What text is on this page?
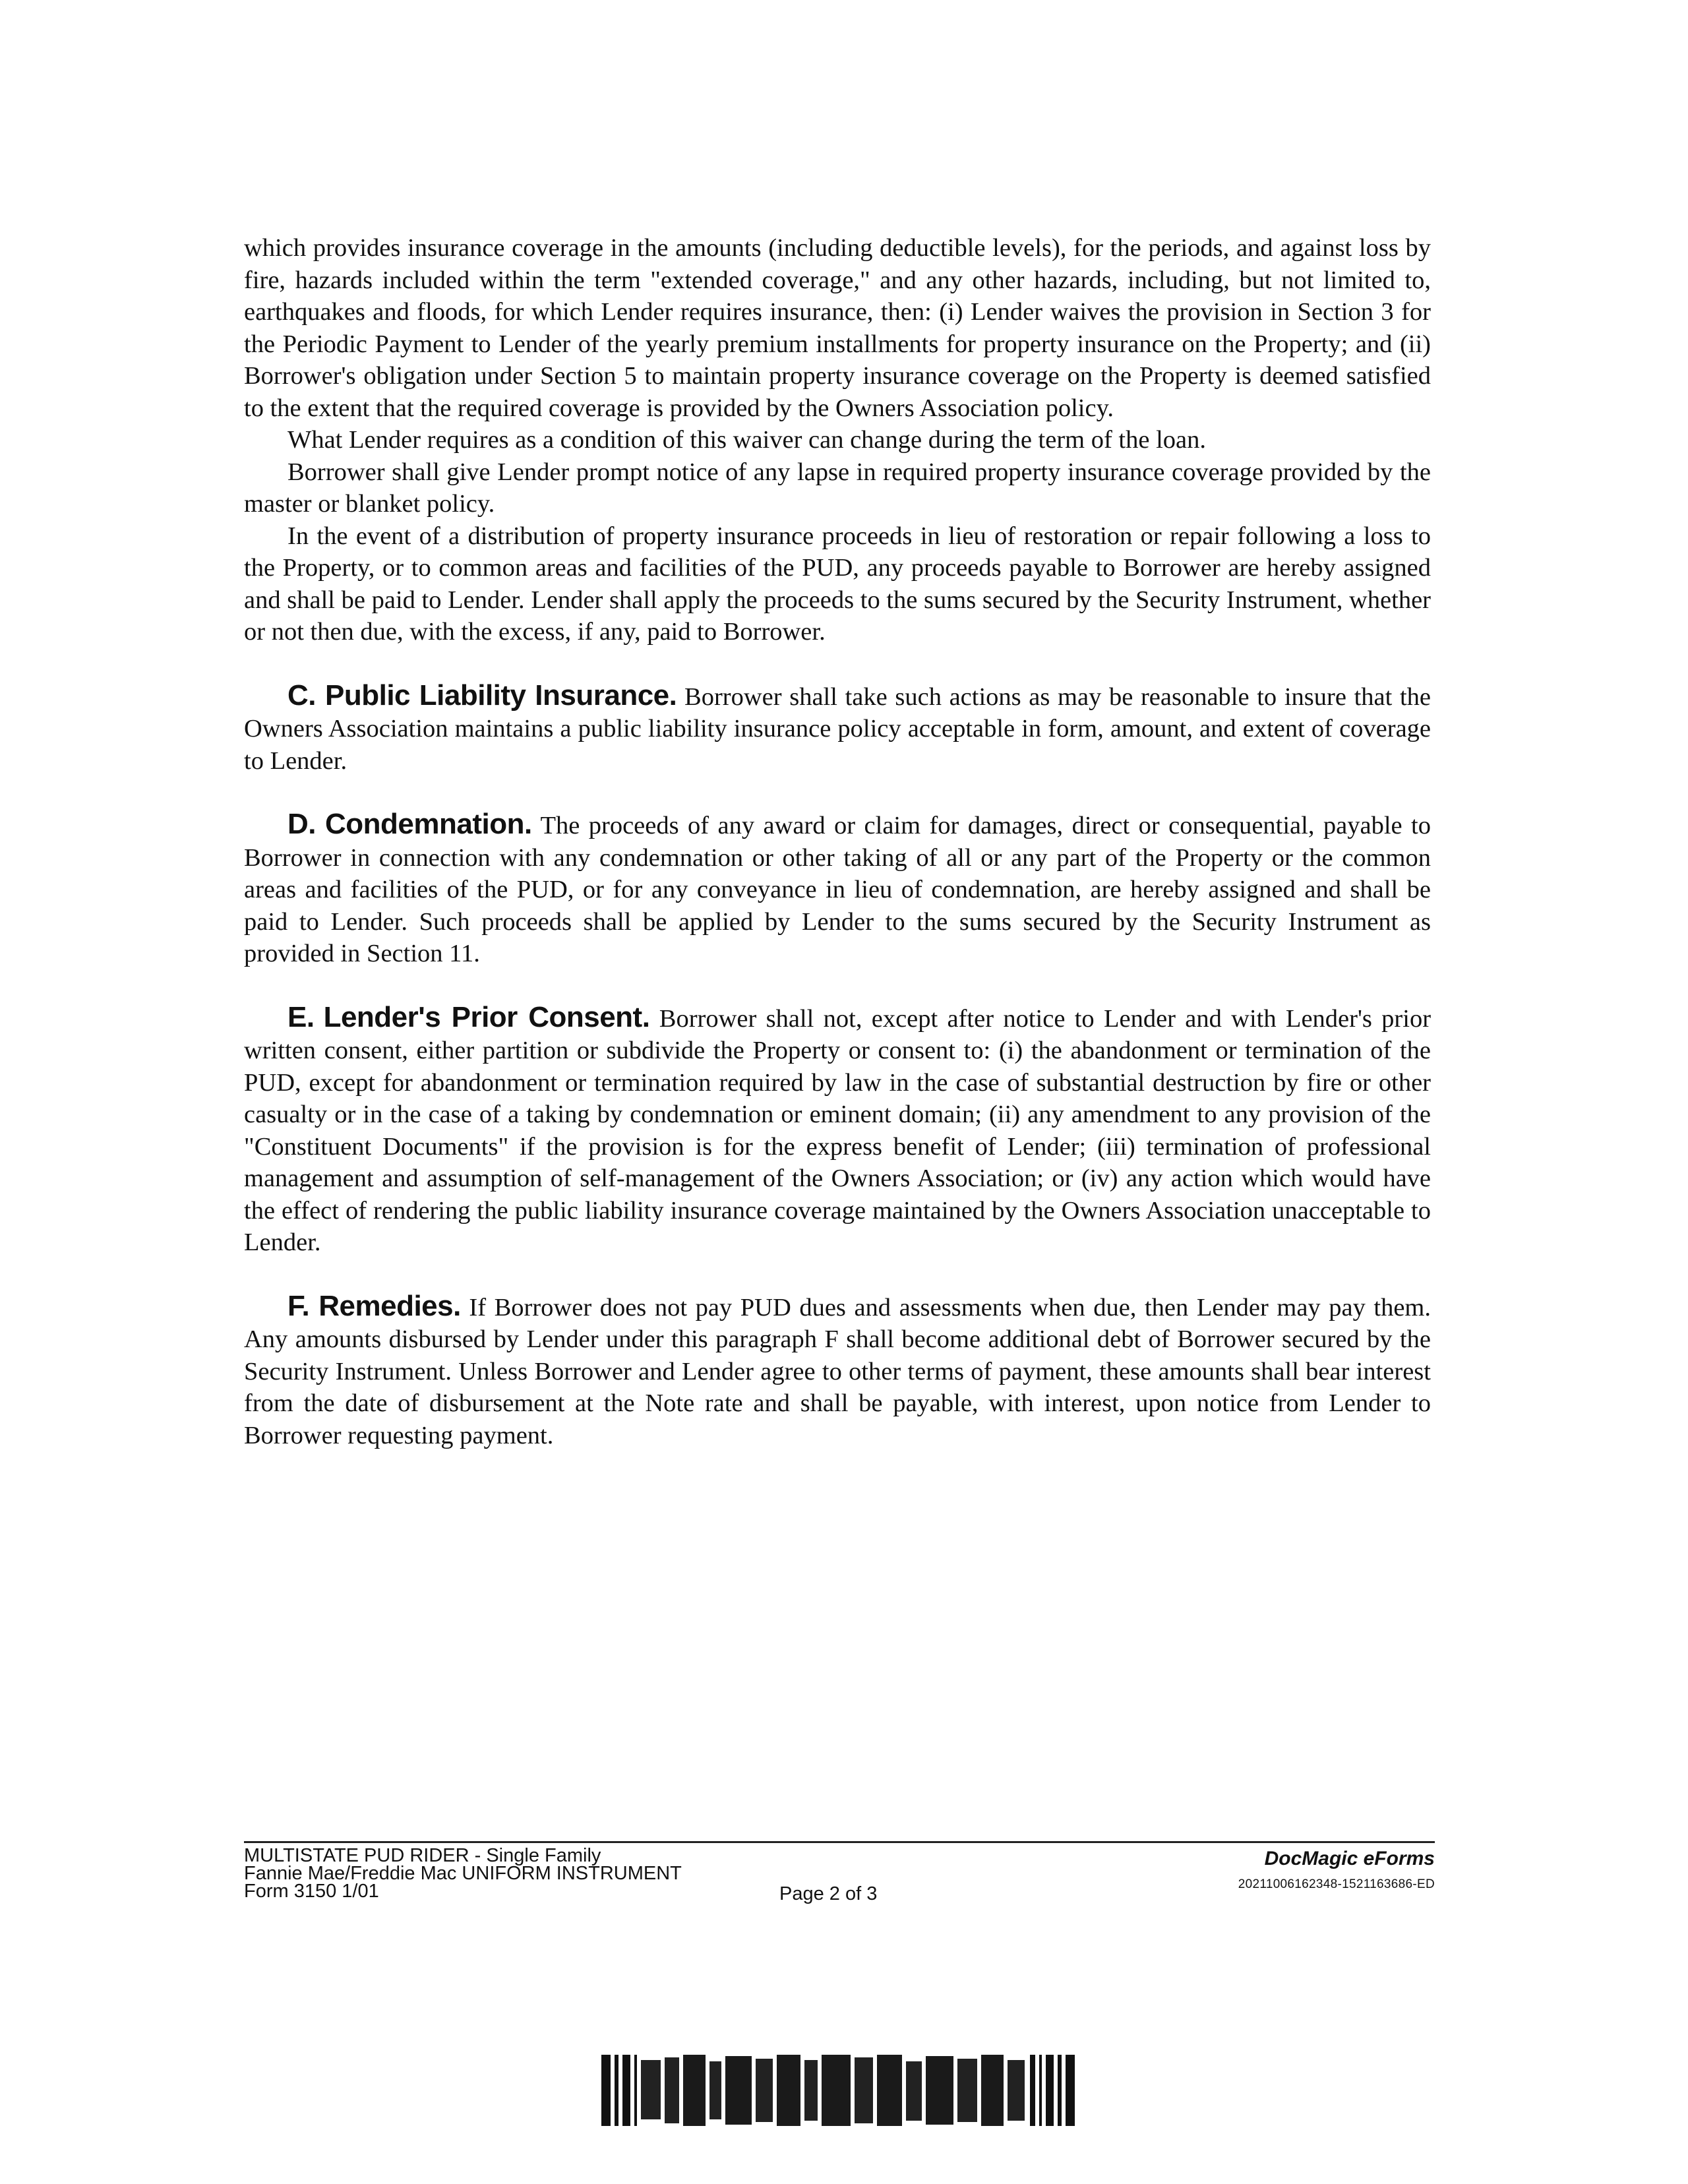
which provides insurance coverage in the amounts (including deductible levels), for the periods, and against loss by fire, hazards included within the term "extended coverage," and any other hazards, including, but not limited to, earthquakes and floods, for which Lender requires insurance, then: (i) Lender waives the provision in Section 3 for the Periodic Payment to Lender of the yearly premium installments for property insurance on the Property; and (ii) Borrower's obligation under Section 5 to maintain property insurance coverage on the Property is deemed satisfied to the extent that the required coverage is provided by the Owners Association policy.

What Lender requires as a condition of this waiver can change during the term of the loan.

Borrower shall give Lender prompt notice of any lapse in required property insurance coverage provided by the master or blanket policy.

In the event of a distribution of property insurance proceeds in lieu of restoration or repair following a loss to the Property, or to common areas and facilities of the PUD, any proceeds payable to Borrower are hereby assigned and shall be paid to Lender. Lender shall apply the proceeds to the sums secured by the Security Instrument, whether or not then due, with the excess, if any, paid to Borrower.

C. Public Liability Insurance. Borrower shall take such actions as may be reasonable to insure that the Owners Association maintains a public liability insurance policy acceptable in form, amount, and extent of coverage to Lender.

D. Condemnation. The proceeds of any award or claim for damages, direct or consequential, payable to Borrower in connection with any condemnation or other taking of all or any part of the Property or the common areas and facilities of the PUD, or for any conveyance in lieu of condemnation, are hereby assigned and shall be paid to Lender. Such proceeds shall be applied by Lender to the sums secured by the Security Instrument as provided in Section 11.

E. Lender's Prior Consent. Borrower shall not, except after notice to Lender and with Lender's prior written consent, either partition or subdivide the Property or consent to: (i) the abandonment or termination of the PUD, except for abandonment or termination required by law in the case of substantial destruction by fire or other casualty or in the case of a taking by condemnation or eminent domain; (ii) any amendment to any provision of the "Constituent Documents" if the provision is for the express benefit of Lender; (iii) termination of professional management and assumption of self-management of the Owners Association; or (iv) any action which would have the effect of rendering the public liability insurance coverage maintained by the Owners Association unacceptable to Lender.

F. Remedies. If Borrower does not pay PUD dues and assessments when due, then Lender may pay them. Any amounts disbursed by Lender under this paragraph F shall become additional debt of Borrower secured by the Security Instrument. Unless Borrower and Lender agree to other terms of payment, these amounts shall bear interest from the date of disbursement at the Note rate and shall be payable, with interest, upon notice from Lender to Borrower requesting payment.

MULTISTATE PUD RIDER - Single Family
Fannie Mae/Freddie Mac UNIFORM INSTRUMENT
Form 3150 1/01	Page 2 of 3
DocMagic eForms
20211006162348-1521163686-ED
